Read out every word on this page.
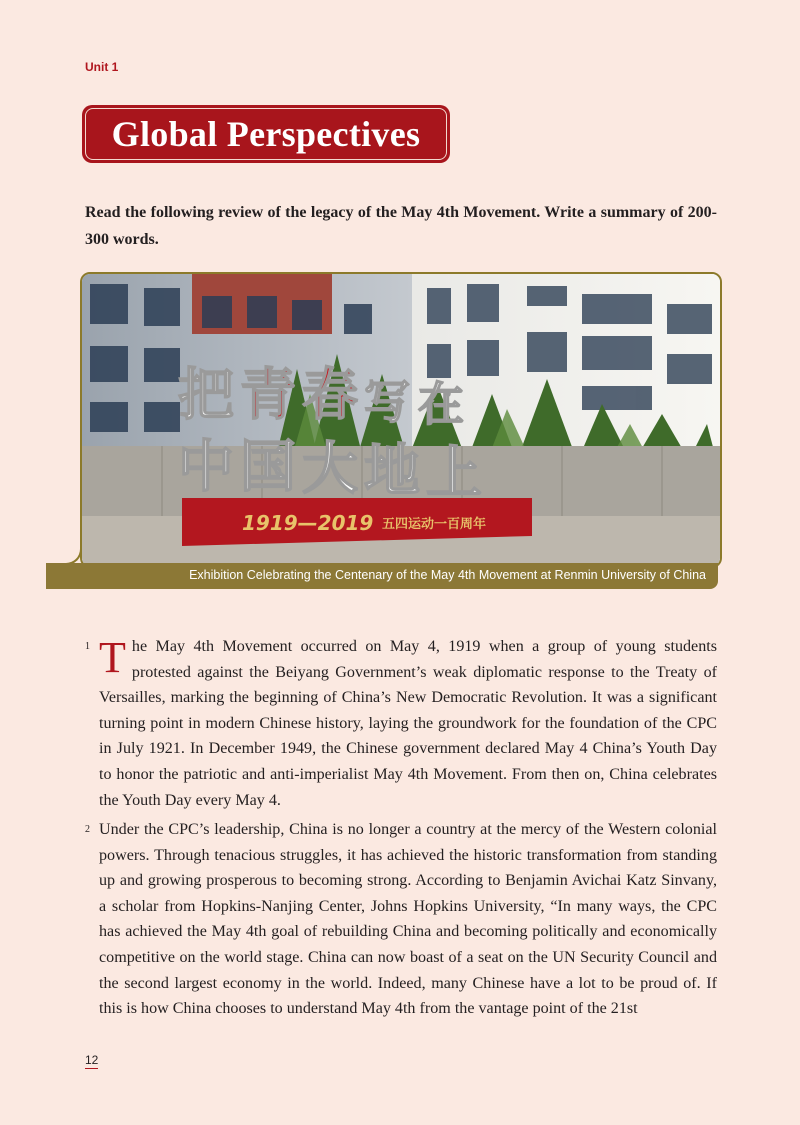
Unit 1
Global Perspectives
Read the following review of the legacy of the May 4th Movement. Write a summary of 200-300 words.
把 青 春 写 在
中 国 大 地 上
1919—2019 五四运动一百周年
Exhibition Celebrating the Centenary of the May 4th Movement at Renmin University of China
1 The May 4th Movement occurred on May 4, 1919 when a group of young students protested against the Beiyang Government’s weak diplomatic response to the Treaty of Versailles, marking the beginning of China’s New Democratic Revolution. It was a significant turning point in modern Chinese history, laying the groundwork for the foundation of the CPC in July 1921. In December 1949, the Chinese government declared May 4 China’s Youth Day to honor the patriotic and anti-imperialist May 4th Movement. From then on, China celebrates the Youth Day every May 4.

2 Under the CPC’s leadership, China is no longer a country at the mercy of the Western colonial powers. Through tenacious struggles, it has achieved the historic transformation from standing up and growing prosperous to becoming strong. According to Benjamin Avichai Katz Sinvany, a scholar from Hopkins-Nanjing Center, Johns Hopkins University, “In many ways, the CPC has achieved the May 4th goal of rebuilding China and becoming politically and economically competitive on the world stage. China can now boast of a seat on the UN Security Council and the second largest economy in the world. Indeed, many Chinese have a lot to be proud of. If this is how China chooses to understand May 4th from the vantage point of the 21st

12
